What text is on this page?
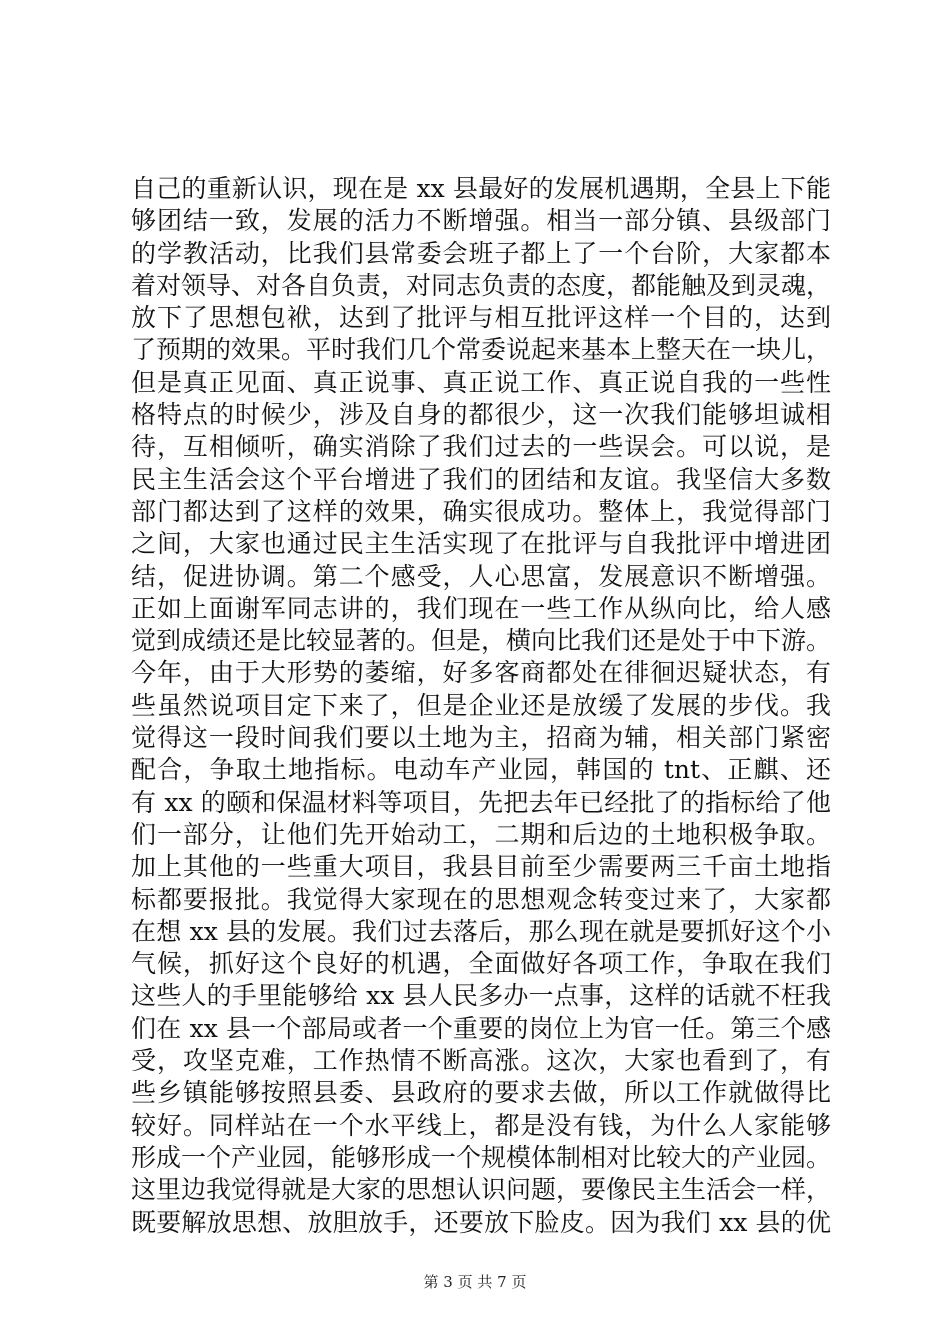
自己的重新认识，现在是 xx 县最好的发展机遇期，全县上下能
够团结一致，发展的活力不断增强。相当一部分镇、县级部门
的学教活动，比我们县常委会班子都上了一个台阶，大家都本
着对领导、对各自负责，对同志负责的态度，都能触及到灵魂，
放下了思想包袱，达到了批评与相互批评这样一个目的，达到
了预期的效果。平时我们几个常委说起来基本上整天在一块儿，
但是真正见面、真正说事、真正说工作、真正说自我的一些性
格特点的时候少，涉及自身的都很少，这一次我们能够坦诚相
待，互相倾听，确实消除了我们过去的一些误会。可以说，是
民主生活会这个平台增进了我们的团结和友谊。我坚信大多数
部门都达到了这样的效果，确实很成功。整体上，我觉得部门
之间，大家也通过民主生活实现了在批评与自我批评中增进团
结，促进协调。第二个感受，人心思富，发展意识不断增强。
正如上面谢军同志讲的，我们现在一些工作从纵向比，给人感
觉到成绩还是比较显著的。但是，横向比我们还是处于中下游。
今年，由于大形势的萎缩，好多客商都处在徘徊迟疑状态，有
些虽然说项目定下来了，但是企业还是放缓了发展的步伐。我
觉得这一段时间我们要以土地为主，招商为辅，相关部门紧密
配合，争取土地指标。电动车产业园，韩国的 tnt、正麒、还
有 xx 的颐和保温材料等项目，先把去年已经批了的指标给了他
们一部分，让他们先开始动工，二期和后边的土地积极争取。
加上其他的一些重大项目，我县目前至少需要两三千亩土地指
标都要报批。我觉得大家现在的思想观念转变过来了，大家都
在想 xx 县的发展。我们过去落后，那么现在就是要抓好这个小
气候，抓好这个良好的机遇，全面做好各项工作，争取在我们
这些人的手里能够给 xx 县人民多办一点事，这样的话就不枉我
们在 xx 县一个部局或者一个重要的岗位上为官一任。第三个感
受，攻坚克难，工作热情不断高涨。这次，大家也看到了，有
些乡镇能够按照县委、县政府的要求去做，所以工作就做得比
较好。同样站在一个水平线上，都是没有钱，为什么人家能够
形成一个产业园，能够形成一个规模体制相对比较大的产业园。
这里边我觉得就是大家的思想认识问题，要像民主生活会一样，
既要解放思想、放胆放手，还要放下脸皮。因为我们 xx 县的优
第 3 页 共 7 页
